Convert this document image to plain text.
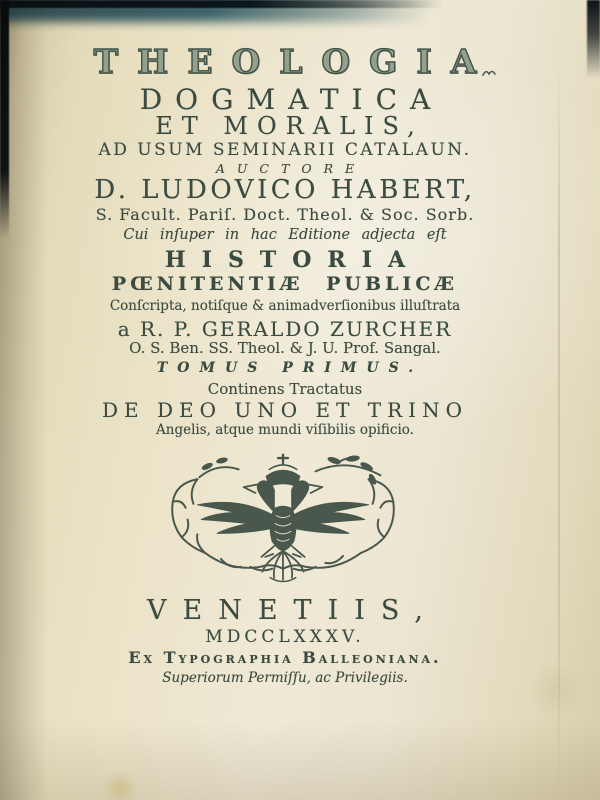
THEOLOGIA
DOGMATICA
ET MORALIS,
AD USUM SEMINARII CATALAUN.
AUCTORE
D. LUDOVICO HABERT,
S. Facult. Pariſ. Doct. Theol. & Soc. Sorb.
Cui inſuper in hac Editione adjecta eſt
HISTORIA
PŒNITENTIÆ PUBLICÆ
Conſcripta, notiſque & animadverſionibus illuſtrata
a R. P. GERALDO ZURCHER
O. S. Ben. SS. Theol. & J. U. Prof. Sangal.
TOMUS PRIMUS.
Continens Tractatus
DE DEO UNO ET TRINO
Angelis, atque mundi viſibilis opificio.
VENETIIS,
MDCCLXXXV.
Ex Typographia Balleoniana.
Superiorum Permiſſu, ac Privilegiis.
